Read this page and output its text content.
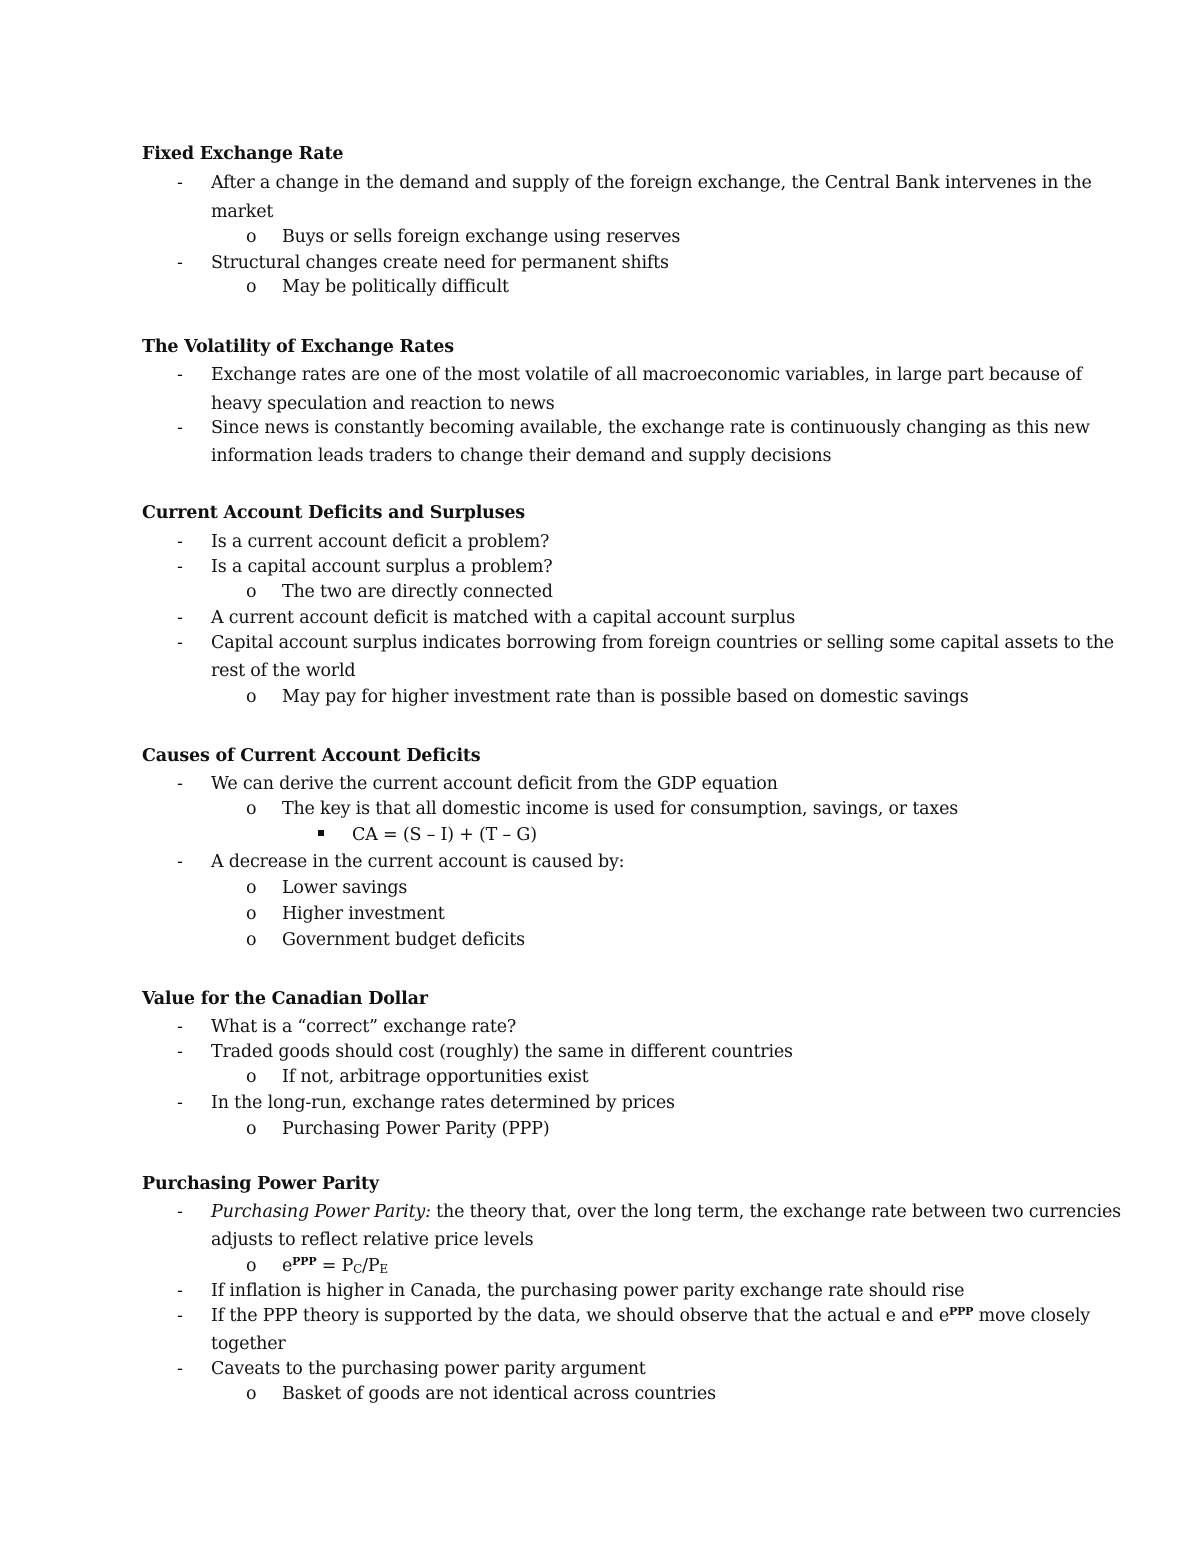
Fixed Exchange Rate
- After a change in the demand and supply of the foreign exchange, the Central Bank intervenes in the
market
o Buys or sells foreign exchange using reserves
- Structural changes create need for permanent shifts
o May be politically difficult
The Volatility of Exchange Rates
- Exchange rates are one of the most volatile of all macroeconomic variables, in large part because of
heavy speculation and reaction to news
- Since news is constantly becoming available, the exchange rate is continuously changing as this new
information leads traders to change their demand and supply decisions
Current Account Deficits and Surpluses
- Is a current account deficit a problem?
- Is a capital account surplus a problem?
o The two are directly connected
- A current account deficit is matched with a capital account surplus
- Capital account surplus indicates borrowing from foreign countries or selling some capital assets to the
rest of the world
o May pay for higher investment rate than is possible based on domestic savings
Causes of Current Account Deficits
- We can derive the current account deficit from the GDP equation
o The key is that all domestic income is used for consumption, savings, or taxes
CA = (S – I) + (T – G)
- A decrease in the current account is caused by:
o Lower savings
o Higher investment
o Government budget deficits
Value for the Canadian Dollar
- What is a “correct” exchange rate?
- Traded goods should cost (roughly) the same in different countries
o If not, arbitrage opportunities exist
- In the long-run, exchange rates determined by prices
o Purchasing Power Parity (PPP)
Purchasing Power Parity
- Purchasing Power Parity: the theory that, over the long term, the exchange rate between two currencies
adjusts to reflect relative price levels
o $e^{PPP} = P_C/P_E$
- If inflation is higher in Canada, the purchasing power parity exchange rate should rise
- If the PPP theory is supported by the data, we should observe that the actual e and $e^{PPP}$ move closely
together
- Caveats to the purchasing power parity argument
o Basket of goods are not identical across countries
